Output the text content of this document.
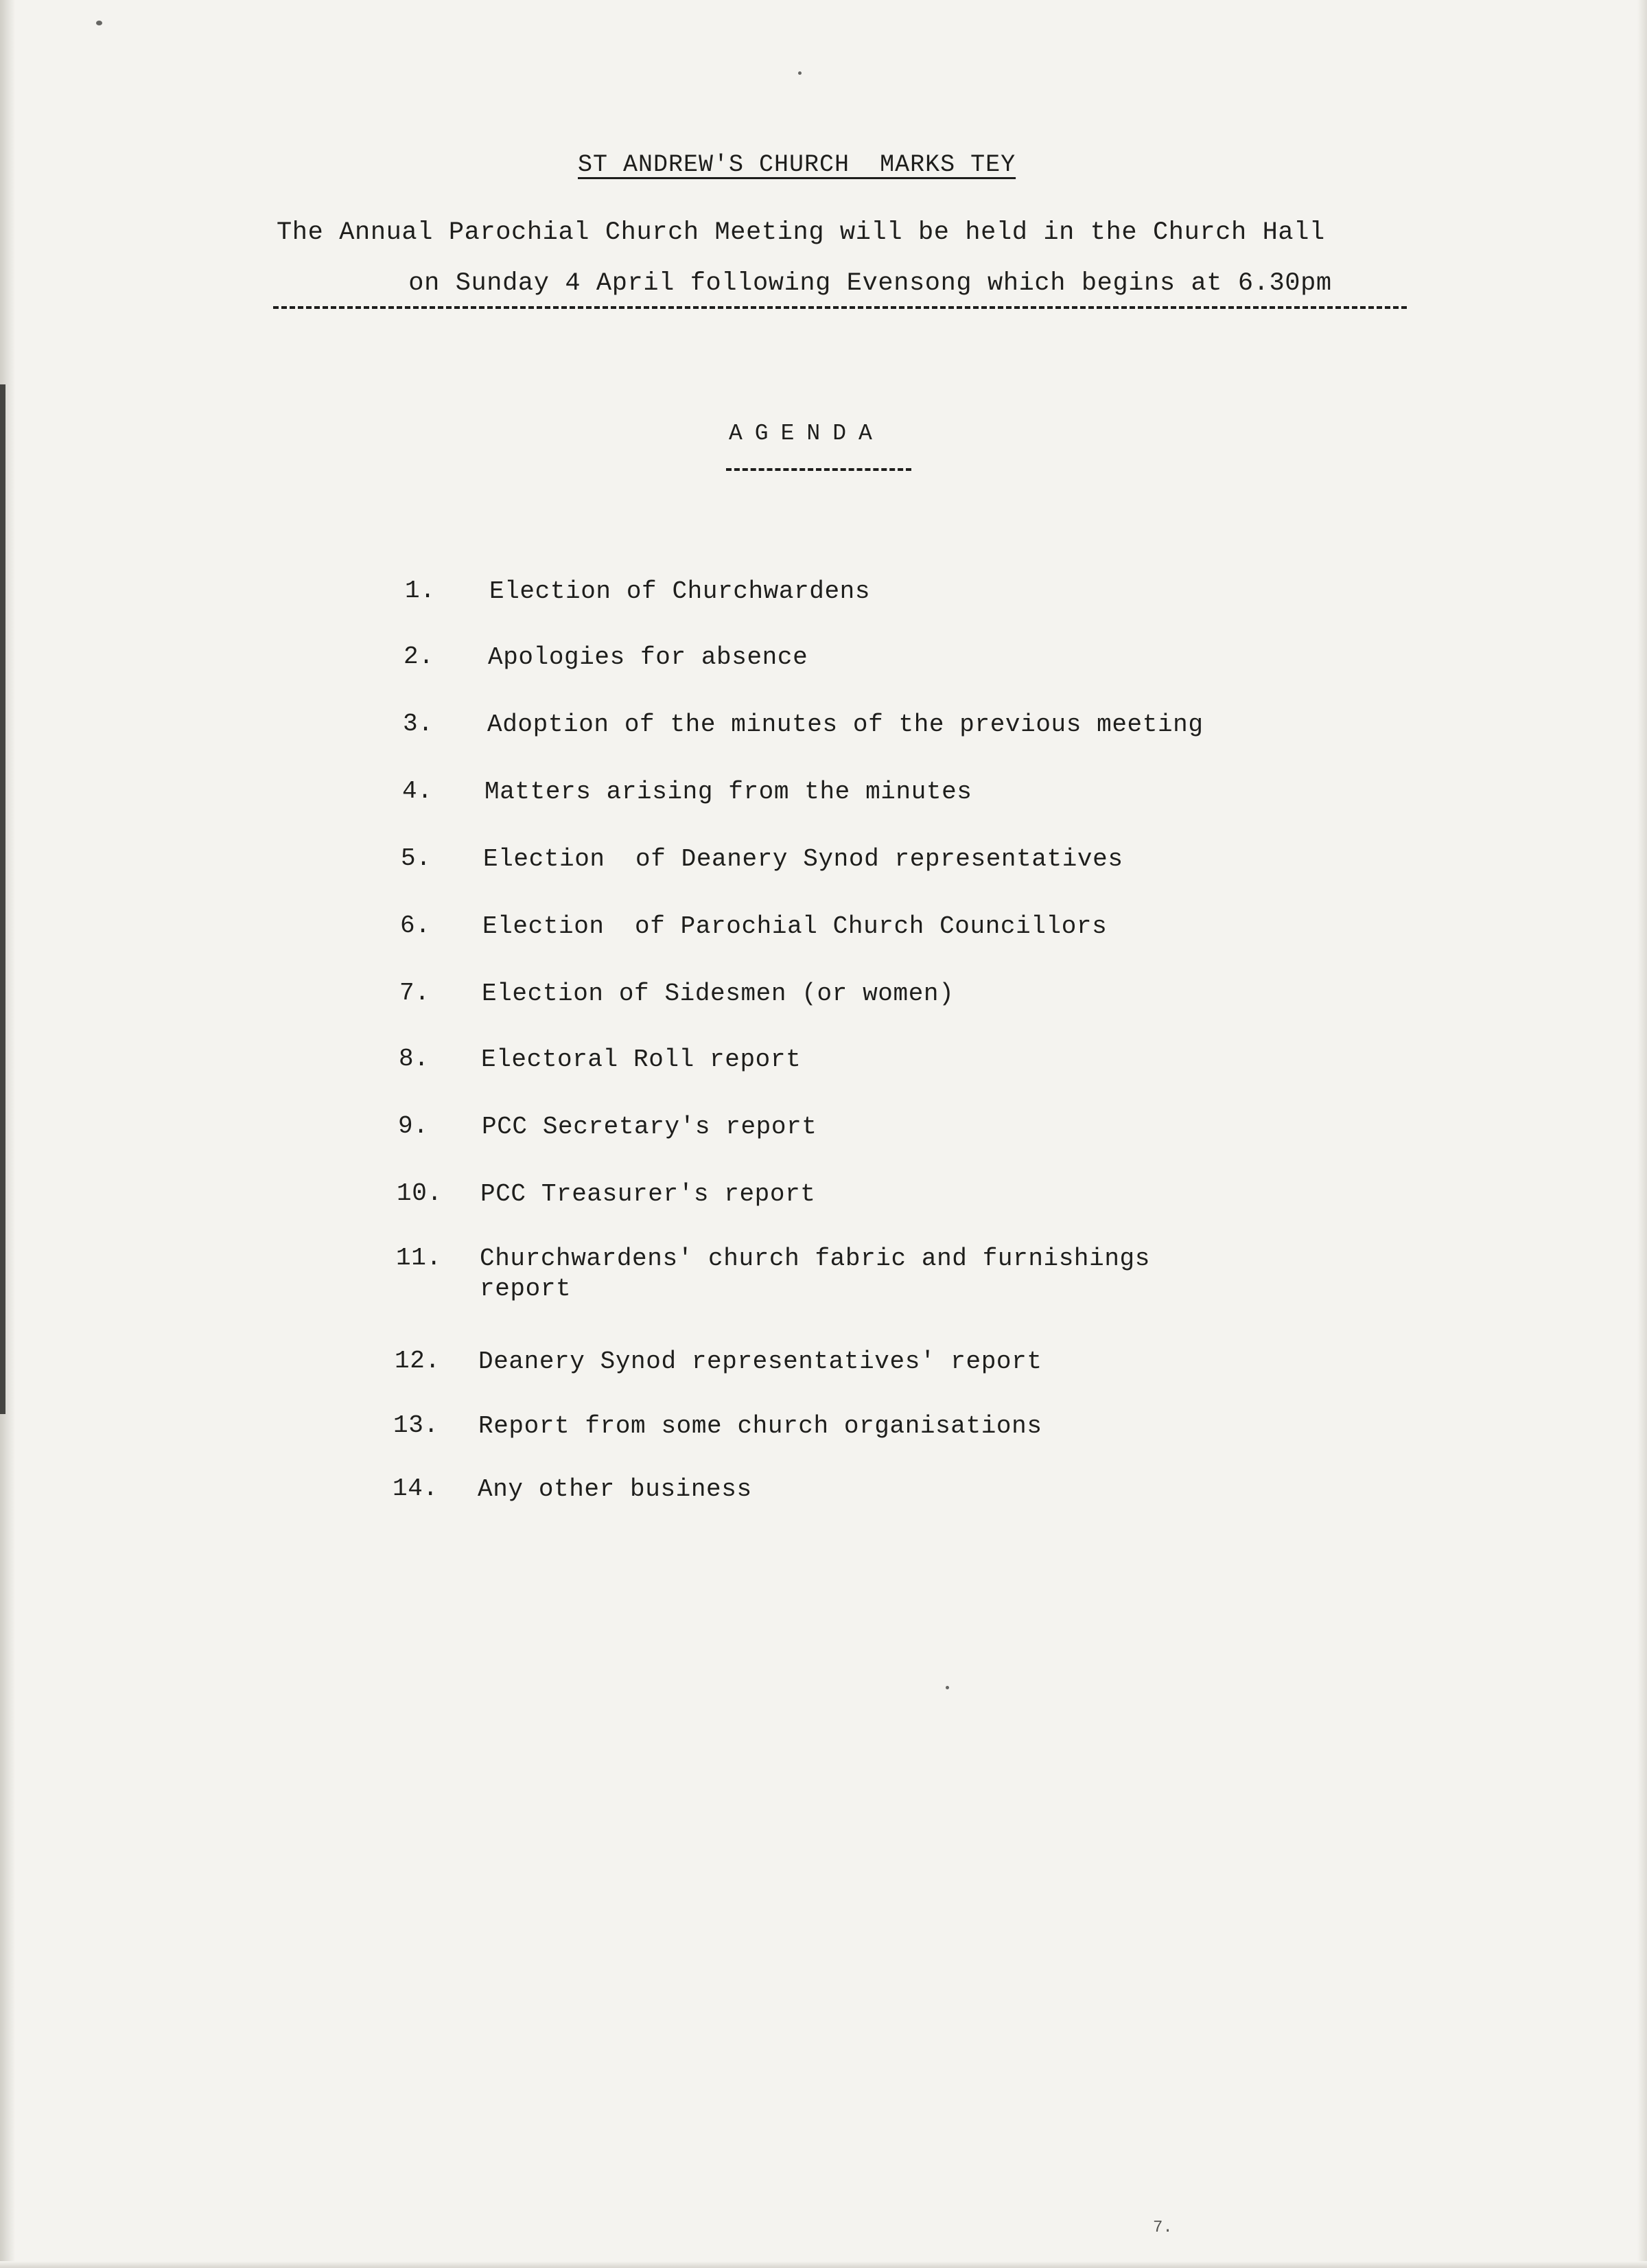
ST ANDREW'S CHURCH  MARKS TEY
The Annual Parochial Church Meeting will be held in the Church Hall
on Sunday 4 April following Evensong which begins at 6.30pm
AGENDA
1. Election of Churchwardens
2. Apologies for absence
3. Adoption of the minutes of the previous meeting
4. Matters arising from the minutes
5. Election  of Deanery Synod representatives
6. Election  of Parochial Church Councillors
7. Election of Sidesmen (or women)
8. Electoral Roll report
9. PCC Secretary's report
10. PCC Treasurer's report
11. Churchwardens' church fabric and furnishings report
12. Deanery Synod representatives' report
13. Report from some church organisations
14. Any other business
7.
